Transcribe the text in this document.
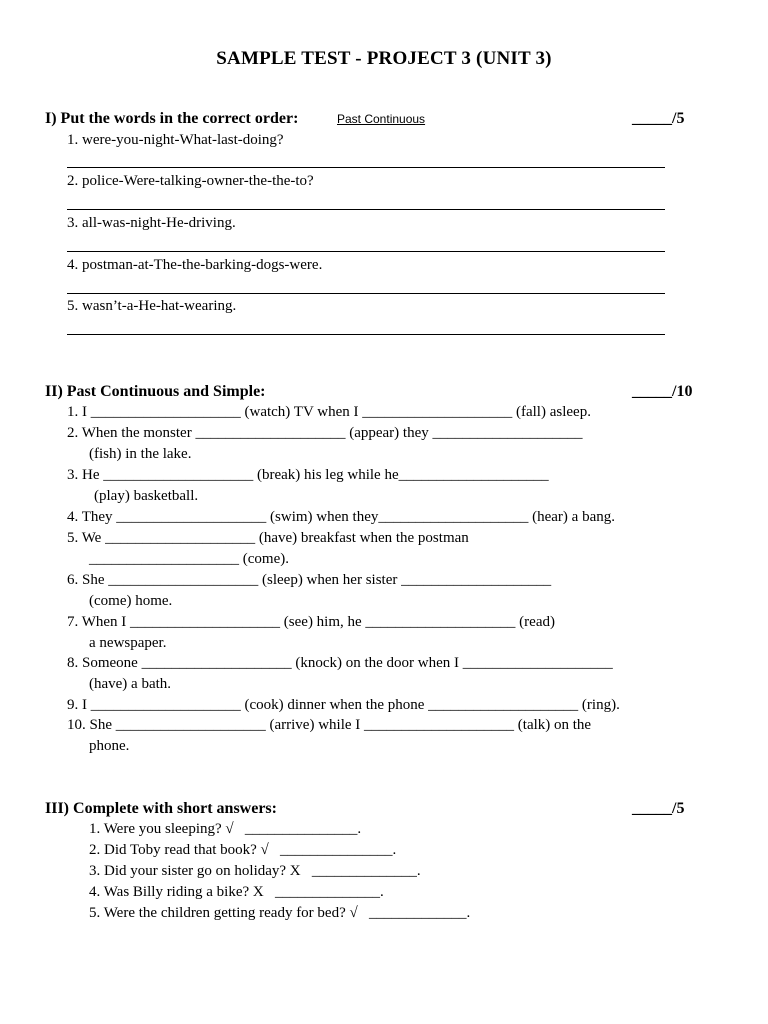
SAMPLE TEST - PROJECT 3 (UNIT 3)
I) Put the words in the correct order:	Past Continuous	_____/5
1. were-you-night-What-last-doing?
2. police-Were-talking-owner-the-the-to?
3. all-was-night-He-driving.
4. postman-at-The-the-barking-dogs-were.
5. wasn’t-a-He-hat-wearing.
II) Past Continuous and Simple:	_____/10
1. I ____________________ (watch) TV when I ____________________ (fall) asleep.
2. When the monster ____________________ (appear) they ____________________
(fish) in the lake.
3. He ____________________ (break) his leg while he____________________
(play) basketball.
4. They ____________________ (swim) when they____________________ (hear) a bang.
5. We ____________________ (have) breakfast when the postman
____________________ (come).
6. She ____________________ (sleep) when her sister ____________________
(come) home.
7. When I ____________________ (see) him, he ____________________ (read)
a newspaper.
8. Someone ____________________ (knock) on the door when I ____________________
(have) a bath.
9. I ____________________ (cook) dinner when the phone ____________________ (ring).
10. She ____________________ (arrive) while I ____________________ (talk) on the
phone.
III) Complete with short answers:	_____/5
1. Were you sleeping? √   _______________.
2. Did Toby read that book? √   _______________.
3. Did your sister go on holiday? X   ______________.
4. Was Billy riding a bike? X   ______________.
5. Were the children getting ready for bed? √   _____________.
